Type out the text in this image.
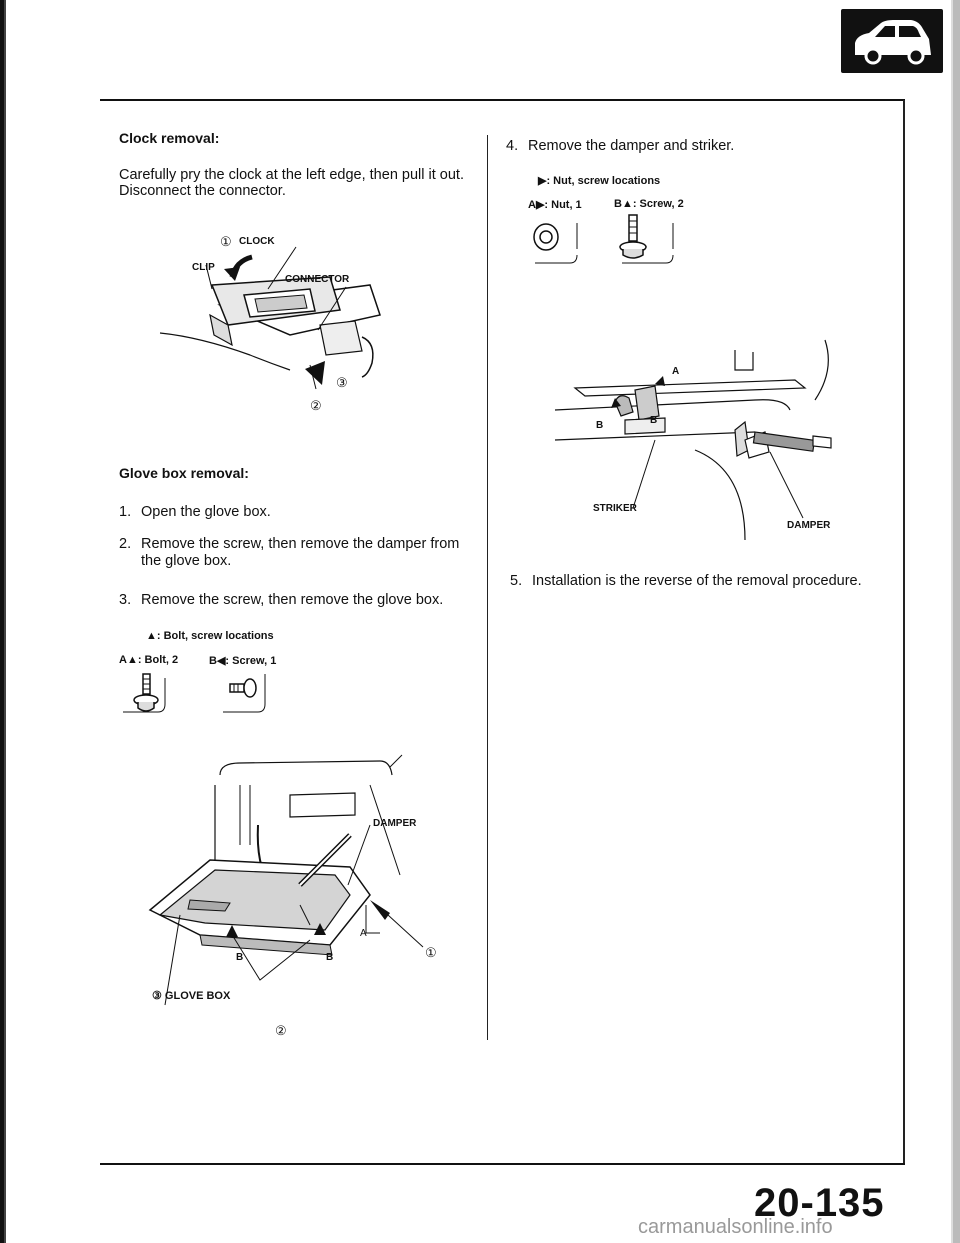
Clock removal:
Carefully pry the clock at the left edge, then pull it out.
Disconnect the connector.
① CLOCK
CLIP
CONNECTOR
③
②
Glove box removal:
1. Open the glove box.
2. Remove the screw, then remove the damper from
the glove box.
3. Remove the screw, then remove the glove box.
▲: Bolt, screw locations
A▲: Bolt, 2	B◀: Screw, 1
DAMPER
A
①
B	B
③ GLOVE BOX
②
4. Remove the damper and striker.
▶: Nut, screw locations
A▶: Nut, 1	B▲: Screw, 2
A
B	B
STRIKER
DAMPER
5. Installation is the reverse of the removal procedure.
20-135
carmanualsonline.info
